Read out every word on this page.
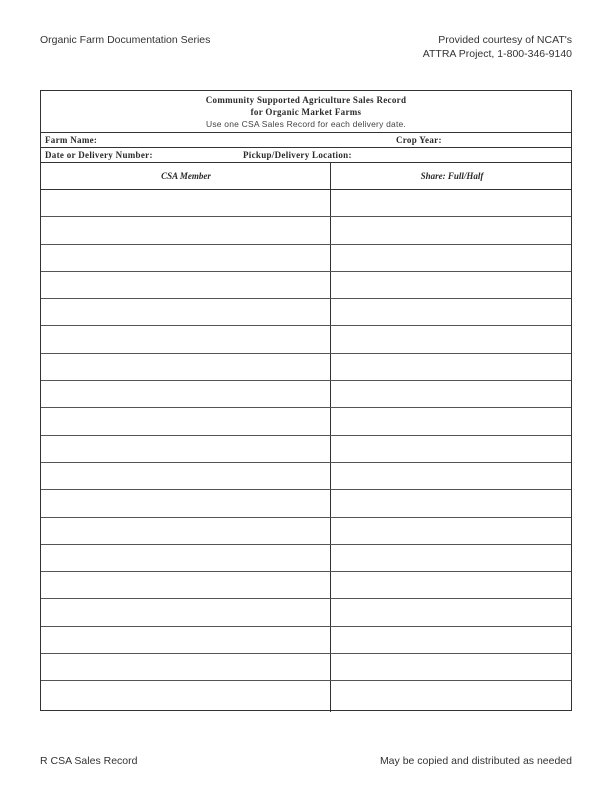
Organic Farm Documentation Series	Provided courtesy of NCAT's
ATTRA Project, 1-800-346-9140
Community Supported Agriculture Sales Record
for Organic Market Farms
Use one CSA Sales Record for each delivery date.
Farm Name:	Crop Year:
Date or Delivery Number:	Pickup/Delivery Location:
CSA Member	Share: Full/Half
R CSA Sales Record	May be copied and distributed as needed
